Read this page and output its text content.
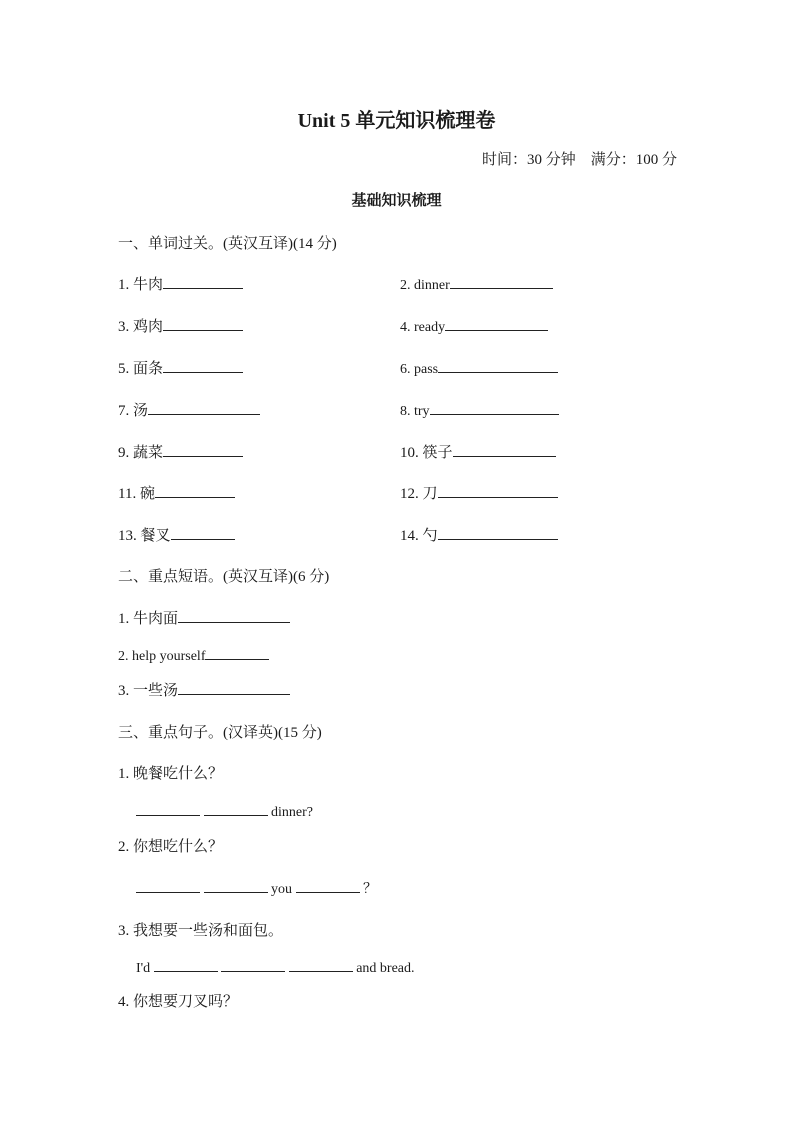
Unit 5 单元知识梳理卷
时间：30 分钟　满分：100 分
基础知识梳理
一、单词过关。(英汉互译)(14 分)
1. 牛肉	2. dinner
3. 鸡肉	4. ready
5. 面条	6. pass
7. 汤	8. try
9. 蔬菜	10. 筷子
11. 碗	12. 刀
13. 餐叉	14. 勺
二、重点短语。(英汉互译)(6 分)
1. 牛肉面
2. help yourself
3. 一些汤
三、重点句子。(汉译英)(15 分)
1. 晚餐吃什么？
dinner?
2. 你想吃什么？
you	？
3. 我想要一些汤和面包。
I'd	and bread.
4. 你想要刀叉吗？
